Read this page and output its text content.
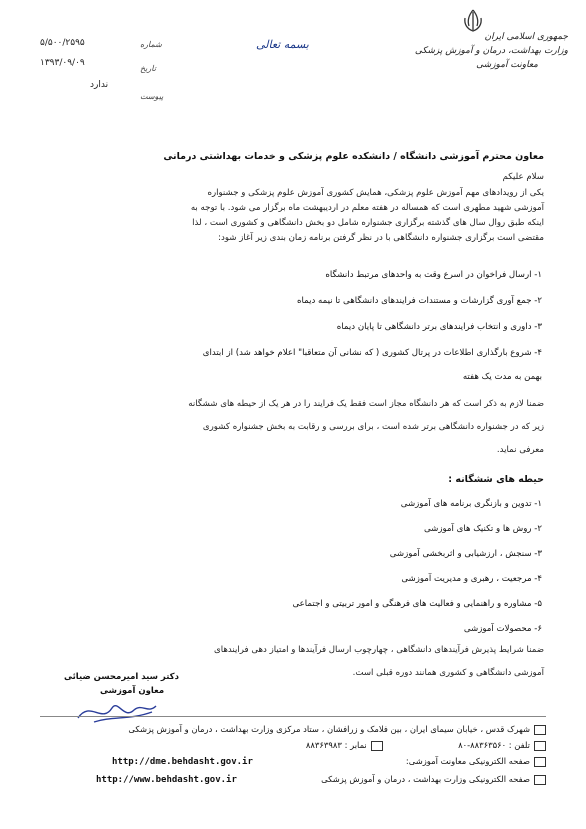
جمهوری اسلامی ایران
وزارت بهداشت، درمان و آموزش پزشکی
معاونت آموزشی
بسمه تعالی
۵/۵۰۰/۲۵۹۵	شماره
۱۳۹۳/۰۹/۰۹
تاریخ
ندارد
پیوست
معاون محترم آموزشی دانشگاه / دانشکده علوم پزشکی و خدمات بهداشتی درمانی
سلام علیکم
یکی از رویدادهای مهم آموزش علوم پزشکی، همایش کشوری آموزش علوم پزشکی و جشنواره
آموزشی شهید مطهری است که همساله در هفته معلم در اردیبهشت ماه برگزار می شود. با توجه به
اینکه طبق روال سال های گذشته برگزاری جشنواره شامل دو بخش دانشگاهی و کشوری است ، لذا
مقتضی است برگزاری جشنواره دانشگاهی با در نظر گرفتن برنامه زمان بندی زیر آغاز شود:
۱- ارسال فراخوان در اسرع وقت به واحدهای مرتبط دانشگاه
۲- جمع آوری گزارشات و مستندات فرایندهای دانشگاهی تا نیمه دیماه
۳- داوری و انتخاب فرایندهای برتر دانشگاهی تا پایان دیماه
۴- شروع بارگذاری اطلاعات در پرتال کشوری ( که نشانی آن متعاقبا" اعلام خواهد شد) از ابتدای
بهمن به مدت یک هفته
ضمنا لازم به ذکر است که هر دانشگاه مجاز است فقط یک فرایند را در هر یک از حیطه های ششگانه
زیر که در جشنواره دانشگاهی برتر شده است ، برای بررسی و رقابت به بخش جشنواره کشوری
معرفی نماید.
حیطه های ششگانه :
۱- تدوین و بازنگری برنامه های آموزشی
۲- روش ها و تکنیک های آموزشی
۳- سنجش ، ارزشیابی و اثربخشی آموزشی
۴- مرجعیت ، رهبری و مدیریت آموزشی
۵- مشاوره و راهنمایی و فعالیت های فرهنگی و امور تربیتی و اجتماعی
۶- محصولات آموزشی
ضمنا شرایط پذیرش فرآیندهای دانشگاهی ، چهارچوب ارسال فرآیندها و امتیاز دهی فرایندهای
آموزشی دانشگاهی و کشوری همانند دوره قبلی است.
دکتر سید امیرمحسن ضیائی
معاون آموزشی
شهرک قدس ، خیابان سیمای ایران ، بین فلامک و زرافشان ، ستاد مرکزی وزارت بهداشت ، درمان و آموزش پزشکی
تلفن : ۸۸۳۶۳۵۶۰-۸۰  نمابر : ۸۸۳۶۳۹۸۳
صفحه الکترونیکی معاونت آموزشی:
http://dme.behdasht.gov.ir
صفحه الکترونیکی وزارت بهداشت ، درمان و آموزش پزشکی
http://www.behdasht.gov.ir
